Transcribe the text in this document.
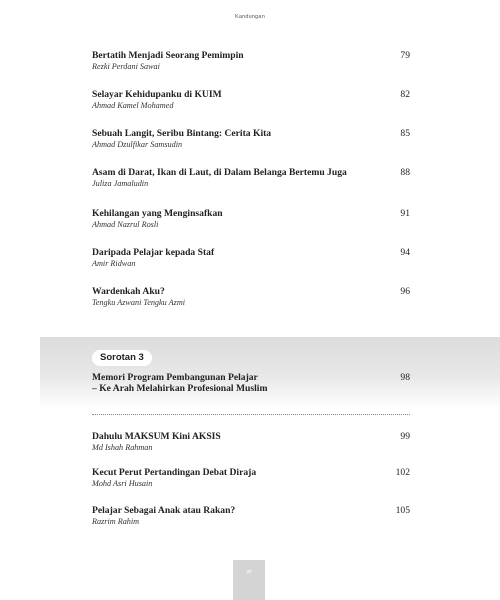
Kandungan
Bertatih Menjadi Seorang Pemimpin
Rezki Perdani Sawai
79
Selayar Kehidupanku di KUIM
Ahmad Kamel Mohamed
82
Sebuah Langit, Seribu Bintang: Cerita Kita
Ahmad Dzulfikar Samsudin
85
Asam di Darat, Ikan di Laut, di Dalam Belanga Bertemu Juga
Juliza Jamaludin
88
Kehilangan yang Menginsafkan
Ahmad Nazrul Rosli
91
Daripada Pelajar kepada Staf
Amir Ridwan
94
Wardenkah Aku?
Tengku Azwani Tengku Azmi
96
Sorotan 3
Memori Program Pembangunan Pelajar
– Ke Arah Melahirkan Profesional Muslim
98
Dahulu MAKSUM Kini AKSIS
Md Ishah Rahman
99
Kecut Perut Pertandingan Debat Diraja
Mohd Asri Husain
102
Pelajar Sebagai Anak atau Rakan?
Razrim Rahim
105
vii
